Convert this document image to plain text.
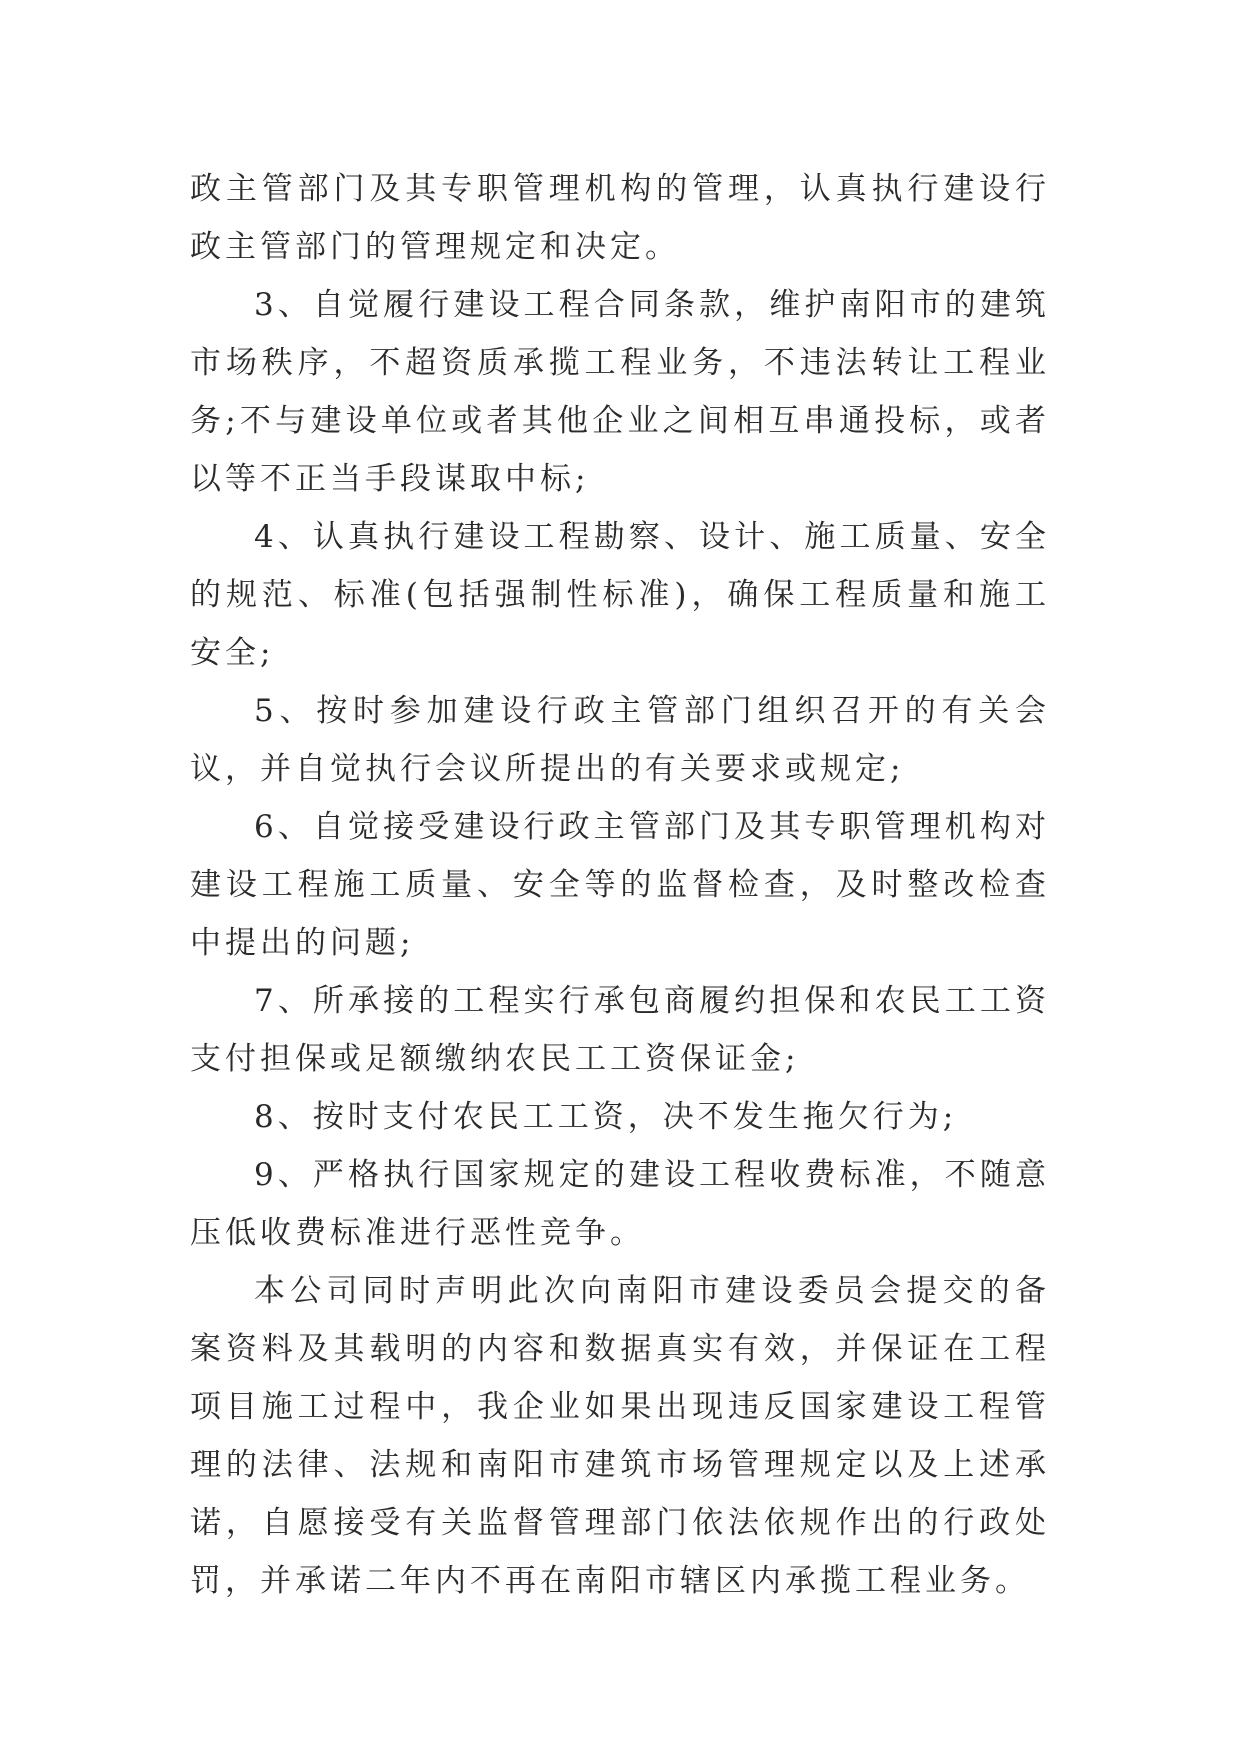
政主管部门及其专职管理机构的管理，认真执行建设行政主管部门的管理规定和决定。

3、自觉履行建设工程合同条款，维护南阳市的建筑市场秩序，不超资质承揽工程业务，不违法转让工程业务;不与建设单位或者其他企业之间相互串通投标，或者以等不正当手段谋取中标;

4、认真执行建设工程勘察、设计、施工质量、安全的规范、标准(包括强制性标准)，确保工程质量和施工安全;

5、按时参加建设行政主管部门组织召开的有关会议，并自觉执行会议所提出的有关要求或规定;

6、自觉接受建设行政主管部门及其专职管理机构对建设工程施工质量、安全等的监督检查，及时整改检查中提出的问题;

7、所承接的工程实行承包商履约担保和农民工工资支付担保或足额缴纳农民工工资保证金;

8、按时支付农民工工资，决不发生拖欠行为;

9、严格执行国家规定的建设工程收费标准，不随意压低收费标准进行恶性竞争。

本公司同时声明此次向南阳市建设委员会提交的备案资料及其载明的内容和数据真实有效，并保证在工程项目施工过程中，我企业如果出现违反国家建设工程管理的法律、法规和南阳市建筑市场管理规定以及上述承诺，自愿接受有关监督管理部门依法依规作出的行政处罚，并承诺二年内不再在南阳市辖区内承揽工程业务。
